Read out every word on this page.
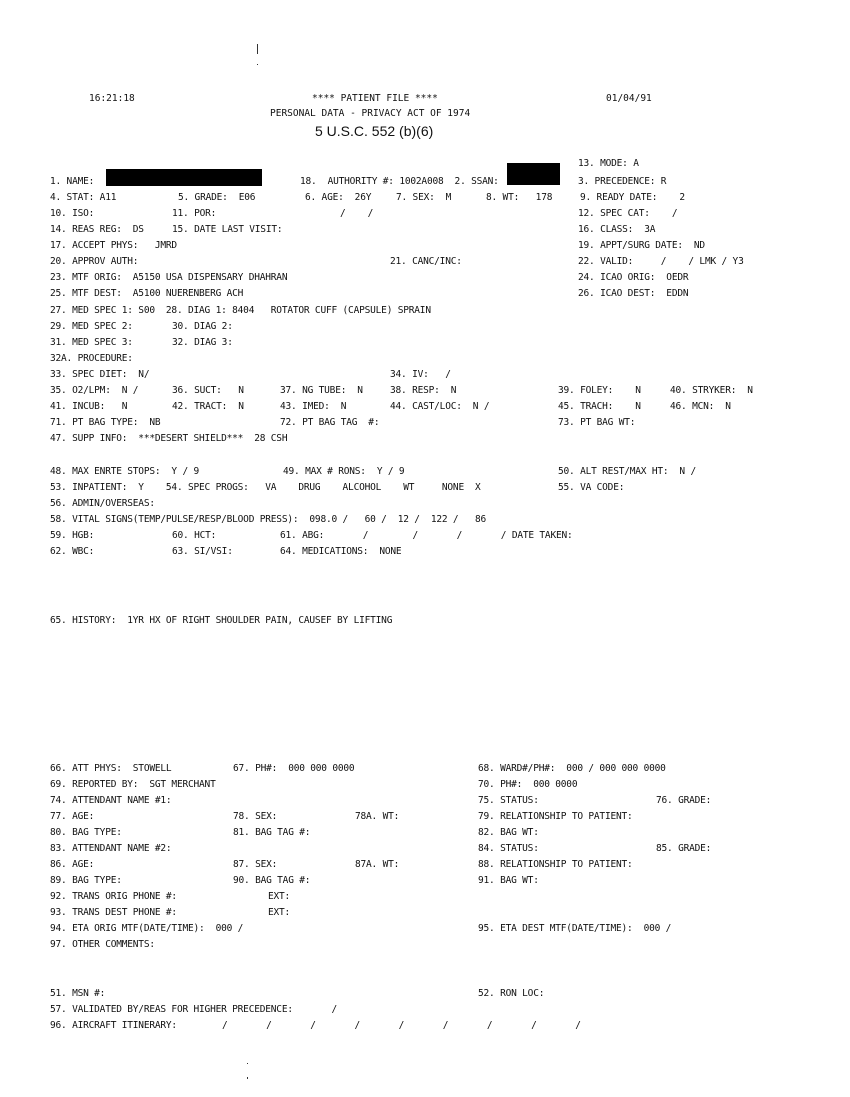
16:21:18	**** PATIENT FILE ****	01/04/91
PERSONAL DATA - PRIVACY ACT OF 1974
5 U.S.C. 552 (b)(6)
13. MODE: A
1. NAME:	18.  AUTHORITY #: 1002A008  2. SSAN:	3. PRECEDENCE: R
4. STAT: A11	5. GRADE:  E06	6. AGE:  26Y	7. SEX:  M	8. WT:   178	9. READY DATE:    2
10. ISO:	11. POR:	/    /	12. SPEC CAT:    /
14. REAS REG:  DS	15. DATE LAST VISIT:	16. CLASS:  3A
17. ACCEPT PHYS:   JMRD	19. APPT/SURG DATE:  ND
20. APPROV AUTH:	21. CANC/INC:	22. VALID:     /    / LMK / Y3
23. MTF ORIG:  A5150 USA DISPENSARY DHAHRAN	24. ICAO ORIG:  OEDR
25. MTF DEST:  A5100 NUERENBERG ACH	26. ICAO DEST:  EDDN
27. MED SPEC 1: S00  28. DIAG 1: 8404   ROTATOR CUFF (CAPSULE) SPRAIN
29. MED SPEC 2:	30. DIAG 2:
31. MED SPEC 3:	32. DIAG 3:
32A. PROCEDURE:
33. SPEC DIET:  N/	34. IV:   /
35. O2/LPM:  N /	36. SUCT:   N	37. NG TUBE:  N	38. RESP:  N	39. FOLEY:    N	40. STRYKER:  N
41. INCUB:   N	42. TRACT:  N	43. IMED:  N	44. CAST/LOC:  N /	45. TRACH:    N	46. MCN:  N
71. PT BAG TYPE:  NB	72. PT BAG TAG  #:	73. PT BAG WT:
47. SUPP INFO:  ***DESERT SHIELD***  28 CSH
48. MAX ENRTE STOPS:  Y / 9	49. MAX # RONS:  Y / 9	50. ALT REST/MAX HT:  N /
53. INPATIENT:  Y    54. SPEC PROGS:   VA    DRUG    ALCOHOL    WT     NONE  X	55. VA CODE:
56. ADMIN/OVERSEAS:
58. VITAL SIGNS(TEMP/PULSE/RESP/BLOOD PRESS):  098.0 /   60 /  12 /  122 /   86
59. HGB:	60. HCT:	61. ABG:       /        /       /       / DATE TAKEN:
62. WBC:	63. SI/VSI:	64. MEDICATIONS:  NONE
65. HISTORY:  1YR HX OF RIGHT SHOULDER PAIN, CAUSEF BY LIFTING
66. ATT PHYS:  STOWELL	67. PH#:  000 000 0000	68. WARD#/PH#:  000 / 000 000 0000
69. REPORTED BY:  SGT MERCHANT	70. PH#:  000 0000
74. ATTENDANT NAME #1:	75. STATUS:	76. GRADE:
77. AGE:	78. SEX:	78A. WT:	79. RELATIONSHIP TO PATIENT:
80. BAG TYPE:	81. BAG TAG #:	82. BAG WT:
83. ATTENDANT NAME #2:	84. STATUS:	85. GRADE:
86. AGE:	87. SEX:	87A. WT:	88. RELATIONSHIP TO PATIENT:
89. BAG TYPE:	90. BAG TAG #:	91. BAG WT:
92. TRANS ORIG PHONE #:	EXT:
93. TRANS DEST PHONE #:	EXT:
94. ETA ORIG MTF(DATE/TIME):  000 /	95. ETA DEST MTF(DATE/TIME):  000 /
97. OTHER COMMENTS:
51. MSN #:	52. RON LOC:
57. VALIDATED BY/REAS FOR HIGHER PRECEDENCE:       /
96. AIRCRAFT ITINERARY:	/       /       /       /       /       /       /       /       /
